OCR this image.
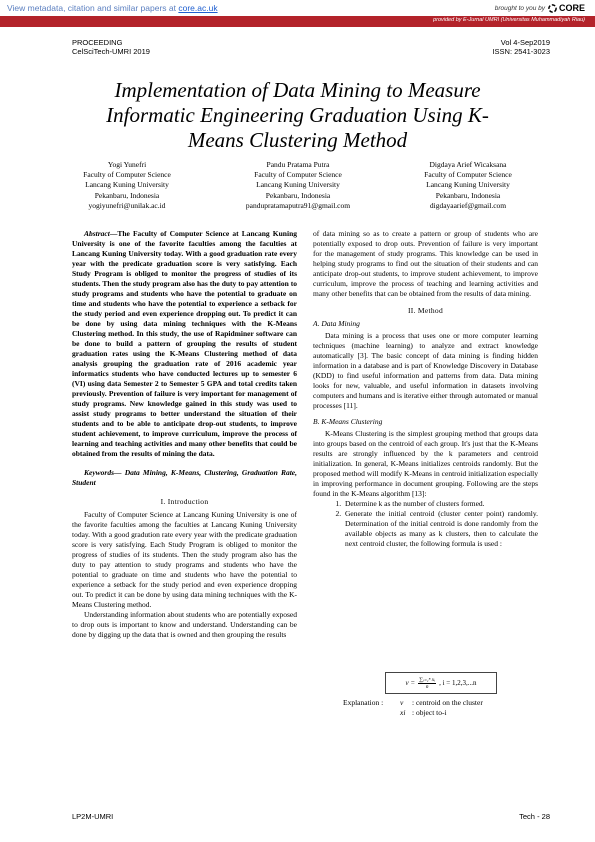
View metadata, citation and similar papers at core.ac.uk	brought to you by CORE
provided by E-Jurnal UMRI (Universitas Muhammadiyah Riau)
PROCEEDING
CelSciTech-UMRI 2019
Vol 4-Sep2019
ISSN: 2541-3023
Implementation of Data Mining to Measure Informatic Engineering Graduation Using K-Means Clustering Method
Yogi Yunefri
Faculty of Computer Science
Lancang Kuning University
Pekanbaru, Indonesia
yogiyunefri@unilak.ac.id
Pandu Pratama Putra
Faculty of Computer Science
Lancang Kuning University
Pekanbaru, Indonesia
pandupratamaputra91@gmail.com
Digdaya Arief Wicaksana
Faculty of Computer Science
Lancang Kuning University
Pekanbaru, Indonesia
digdayaarief@gmail.com

Abstract—The Faculty of Computer Science at Lancang Kuning University is one of the favorite faculties among the faculties at Lancang Kuning University today. With a good graduation rate every year with the predicate graduation score is very satisfying. Each Study Program is obliged to monitor the progress of studies of its students. Then the study program also has the duty to pay attention to study programs and students who have the potential to graduate on time and students who have the potential to experience a setback for the study period and even experience dropping out. To predict it can be done by using data mining techniques with the K-Means Clustering method. In this study, the use of Rapidminer software can be done to build a pattern of grouping the results of student graduation rates using the K-Means Clustering method of data analysis grouping the graduation rate of 2016 academic year informatics students who have conducted lectures up to semester 6 (VI) using data Semester 2 to Semester 5 GPA and total credits taken previously. Prevention of failure is very important for management of study programs. New knowledge gained in this study was used to assist study programs to better understand the situation of their students and to be able to anticipate drop-out students, to improve student achievement, to improve curriculum, improve the process of learning and teaching activities and many other benefits that could be obtained from the results of mining the data.

Keywords— Data Mining, K-Means, Clustering, Graduation Rate, Student

I. Introduction

Faculty of Computer Science at Lancang Kuning University is one of the favorite faculties among the faculties at Lancang Kuning University today. With a good gradution rate every year with the predicate graduation score is very satisfying. Each Study Program is obliged to monitor the progress of studies of its students. Then the study program also has the duty to pay attention to study programs and students who have the potential to graduate on time and students who have the potential to experience a setback for the study period and even experience dropping out. To predict it can be done by using data mining techniques with the K-Means Clustering method.

Understanding information about students who are potentially exposed to drop outs is important to know and understand. Understanding can be done by digging up the data that is owned and then grouping the results

of data mining so as to create a pattern or group of students who are potentially exposed to drop outs. Prevention of failure is very important for the management of study programs. This knowledge can be used in helping study programs to find out the situation of their students and can anticipate drop-out students, to improve student achievement, to improve curriculum, improve the process of teaching and learning activities and many other benefits that can be obtained from the results of data mining.

II. Method
A. Data Mining

Data mining is a process that uses one or more computer learning techniques (machine learning) to analyze and extract knowledge automatically [3]. The basic concept of data mining is finding hidden information in a database and is part of Knowledge Discovery in Database (KDD) to find useful information and patterns from data. Data mining looks for new, valuable, and useful information in datasets involving computers and humans and is iterative either through automated or manual processes [11].

B. K-Means Clustering

K-Means Clustering is the simplest grouping method that groups data into groups based on the centroid of each group. It's just that the K-Means results are strongly influenced by the k parameters and centroid initialization. In general, K-Means initializes centroids randomly. But the proposed method will modify K-Means in centroid initialization especially in improving performance in document grouping. Following are the steps found in the K-Means algorithm [13]:

1. Determine k as the number of clusters formed.
2. Generate the initial centroid (cluster center point) randomly. Determination of the initial centroid is done randomly from the available objects as many as k clusters, then to calculate the next centroid cluster, the following formula is used :
$v = \frac{\text{∑ᵢ₌₁ⁿ xᵢ}}{n}$ , i = 1,2,3,...n
Explanation :	v	: centroid on the cluster
xi : object to-i
LP2M-UMRI	Tech - 28
